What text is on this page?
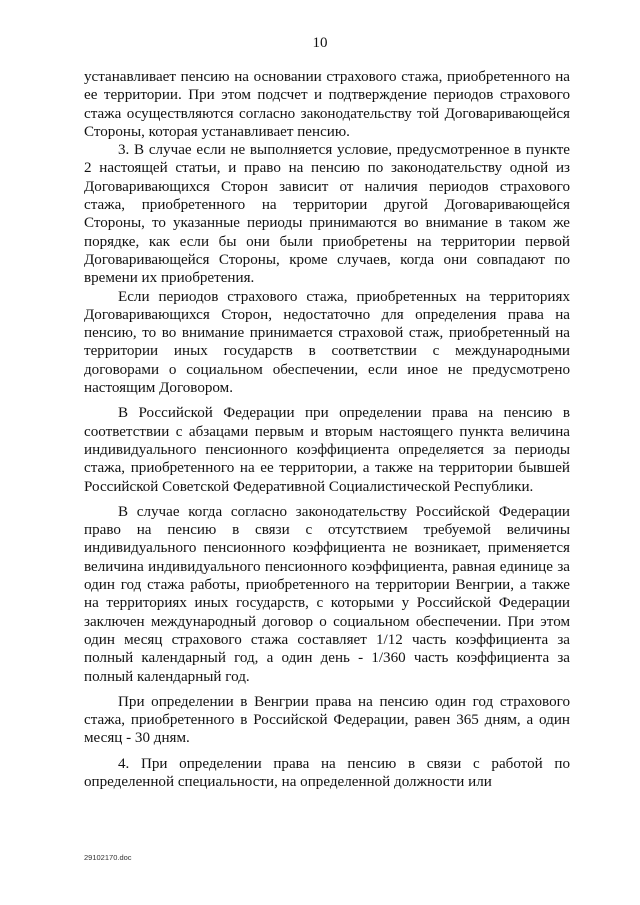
10

устанавливает пенсию на основании страхового стажа, приобретенного на ее территории. При этом подсчет и подтверждение периодов страхового стажа осуществляются согласно законодательству той Договаривающейся Стороны, которая устанавливает пенсию.

3. В случае если не выполняется условие, предусмотренное в пункте 2 настоящей статьи, и право на пенсию по законодательству одной из Договаривающихся Сторон зависит от наличия периодов страхового стажа, приобретенного на территории другой Договаривающейся Стороны, то указанные периоды принимаются во внимание в таком же порядке, как если бы они были приобретены на территории первой Договаривающейся Стороны, кроме случаев, когда они совпадают по времени их приобретения.

Если периодов страхового стажа, приобретенных на территориях Договаривающихся Сторон, недостаточно для определения права на пенсию, то во внимание принимается страховой стаж, приобретенный на территории иных государств в соответствии с международными договорами о социальном обеспечении, если иное не предусмотрено настоящим Договором.

В Российской Федерации при определении права на пенсию в соответствии с абзацами первым и вторым настоящего пункта величина индивидуального пенсионного коэффициента определяется за периоды стажа, приобретенного на ее территории, а также на территории бывшей Российской Советской Федеративной Социалистической Республики.

В случае когда согласно законодательству Российской Федерации право на пенсию в связи с отсутствием требуемой величины индивидуального пенсионного коэффициента не возникает, применяется величина индивидуального пенсионного коэффициента, равная единице за один год стажа работы, приобретенного на территории Венгрии, а также на территориях иных государств, с которыми у Российской Федерации заключен международный договор о социальном обеспечении. При этом один месяц страхового стажа составляет 1/12 часть коэффициента за полный календарный год, а один день - 1/360 часть коэффициента за полный календарный год.

При определении в Венгрии права на пенсию один год страхового стажа, приобретенного в Российской Федерации, равен 365 дням, а один месяц - 30 дням.

4. При определении права на пенсию в связи с работой по определенной специальности, на определенной должности или

29102170.doc
